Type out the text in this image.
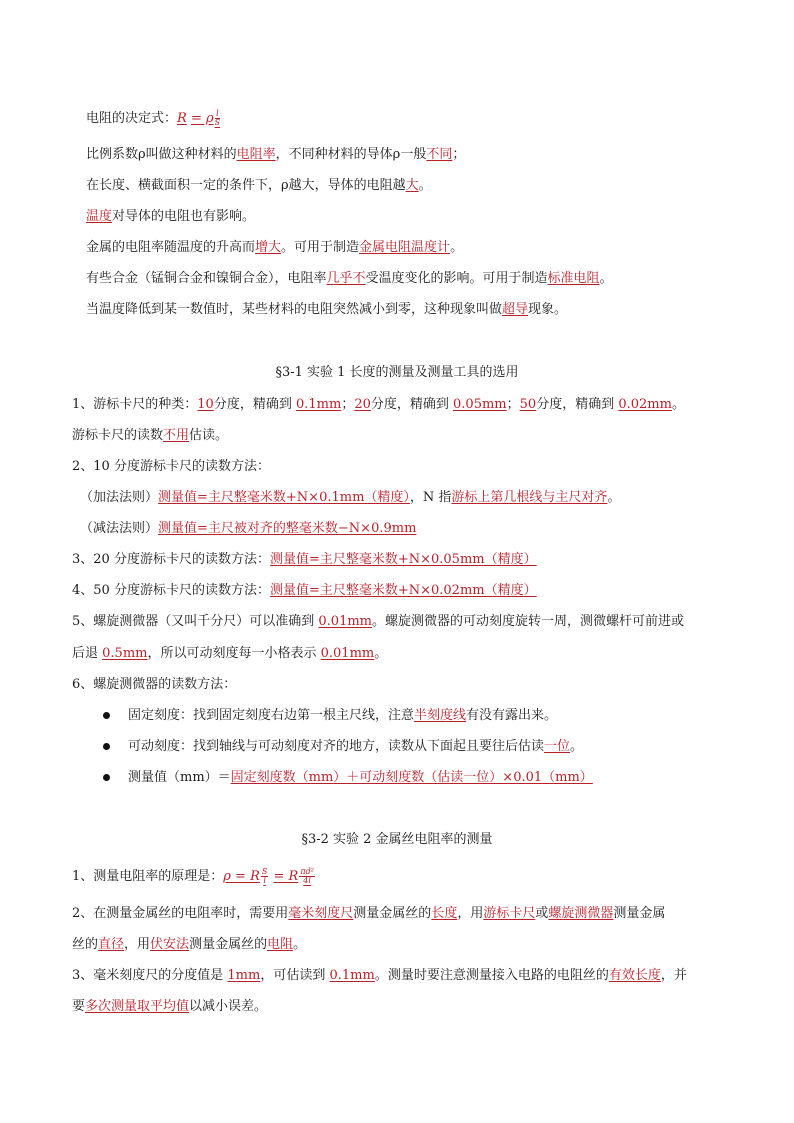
电阻的决定式：R = ρ $\frac{l}{S}$
比例系数ρ叫做这种材料的电阻率，不同种材料的导体ρ一般不同；
在长度、横截面积一定的条件下，ρ越大，导体的电阻越大。
温度对导体的电阻也有影响。
金属的电阻率随温度的升高而增大。可用于制造金属电阻温度计。
有些合金（锰铜合金和镍铜合金），电阻率几乎不受温度变化的影响。可用于制造标准电阻。
当温度降低到某一数值时，某些材料的电阻突然减小到零，这种现象叫做超导现象。
§3-1 实验 1 长度的测量及测量工具的选用
1、游标卡尺的种类：10分度，精确到 0.1mm；20分度，精确到 0.05mm；50分度，精确到 0.02mm。
游标卡尺的读数不用估读。
2、10 分度游标卡尺的读数方法：
（加法法则）测量值=主尺整毫米数+N×0.1mm（精度），N 指游标上第几根线与主尺对齐。
（减法法则）测量值=主尺被对齐的整毫米数−N×0.9mm
3、20 分度游标卡尺的读数方法：测量值=主尺整毫米数+N×0.05mm（精度）
4、50 分度游标卡尺的读数方法：测量值=主尺整毫米数+N×0.02mm（精度）
5、螺旋测微器（又叫千分尺）可以准确到 0.01mm。螺旋测微器的可动刻度旋转一周，测微螺杆可前进或
后退 0.5mm，所以可动刻度每一小格表示 0.01mm。
6、螺旋测微器的读数方法：
固定刻度：找到固定刻度右边第一根主尺线，注意半刻度线有没有露出来。
可动刻度：找到轴线与可动刻度对齐的地方，读数从下面起且要往后估读一位。
测量值（mm）＝固定刻度数（mm）＋可动刻度数（估读一位）×0.01（mm）
§3-2 实验 2 金属丝电阻率的测量
1、测量电阻率的原理是：ρ = R $\frac{S}{l} = R \frac{\text{πd²}}{4l}$
2、在测量金属丝的电阻率时，需要用毫米刻度尺测量金属丝的长度，用游标卡尺或螺旋测微器测量金属
丝的直径，用伏安法测量金属丝的电阻。
3、毫米刻度尺的分度值是 1mm，可估读到 0.1mm。测量时要注意测量接入电路的电阻丝的有效长度，并
要多次测量取平均值以减小误差。
